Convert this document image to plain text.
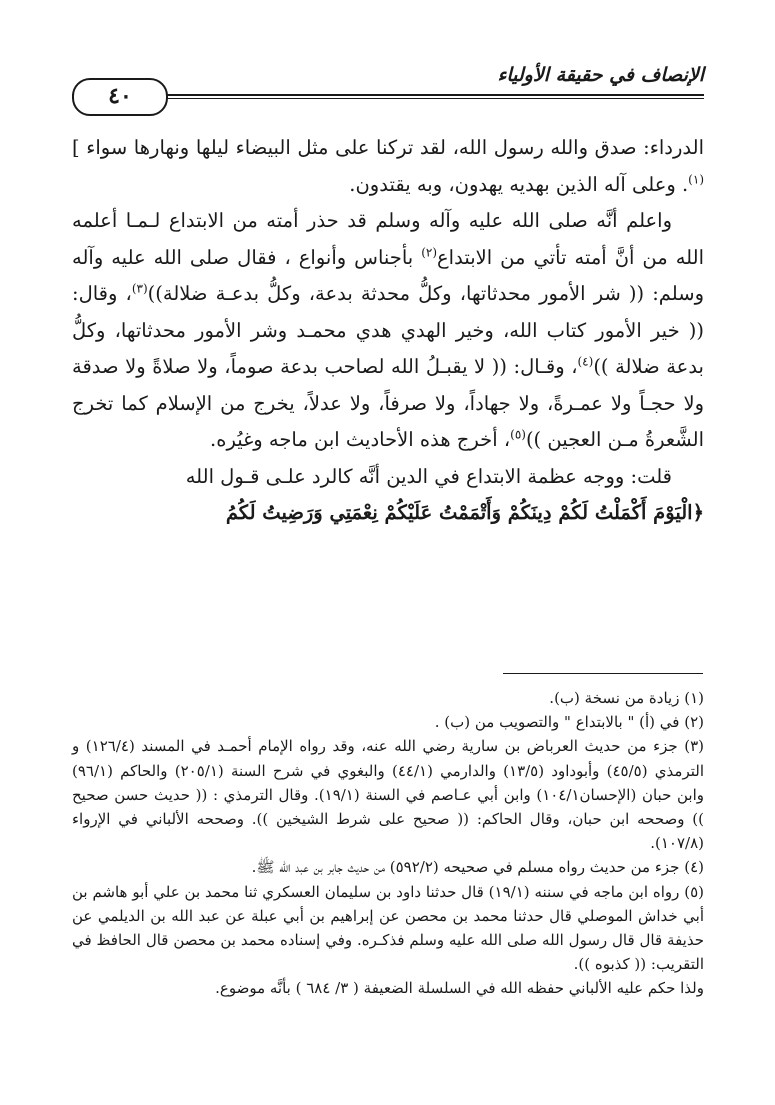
الإنصاف في حقيقة الأولياء
٤٠

الدرداء: صدق والله رسول الله، لقد تركنا على مثل البيضاء ليلها ونهارها سواء ] $^{(١)}$. وعلى آله الذين بهديه يهدون، وبه يقتدون.

واعلم أنَّه صلى الله عليه وآله وسلم قد حذر أمته من الابتداع لـمـا أعلمه الله من أنَّ أمته تأتي من الابتداع$^{(٢)}$ بأجناس وأنواع ، فقال صلى الله عليه وآله وسلم: (( شر الأمور محدثاتها، وكلُّ محدثة بدعة، وكلُّ بدعـة ضلالة))$^{(٣)}$، وقال: (( خير الأمور كتاب الله، وخير الهدي هدي محمـد وشر الأمور محدثاتها، وكلُّ بدعة ضلالة ))$^{(٤)}$، وقـال: (( لا يقبـلُ الله لصاحب بدعة صوماً، ولا صلاةً ولا صدقة ولا حجـاً ولا عمـرةً، ولا جهاداً، ولا صرفاً، ولا عدلاً، يخرج من الإسلام كما تخرج الشَّعرةُ مـن العجين ))$^{(٥)}$، أخرج هذه الأحاديث ابن ماجه وغيُره.

قلت: ووجه عظمة الابتداع في الدين أنَّه كالرد علـى قـول الله

﴿الْيَوْمَ أَكْمَلْتُ لَكُمْ دِينَكُمْ وَأَتْمَمْتُ عَلَيْكُمْ نِعْمَتِي وَرَضِيتُ لَكُمُ

(١) زيادة من نسخة (ب).

(٢) في (أ) " بالابتداع " والتصويب من (ب) .

(٣) جزء من حديث العرباض بن سارية رضي الله عنه، وقد رواه الإمام أحمـد في المسند (١٢٦/٤) و الترمذي (٤٥/٥) وأبوداود (١٣/٥) والدارمي (٤٤/١) والبغوي في شرح السنة (٢٠٥/١) والحاكم (٩٦/١) وابن حبان (الإحسان١٠٤/١) وابن أبي عـاصم في السنة (١٩/١). وقال الترمذي : (( حديث حسن صحيح )) وصححه ابن حبان، وقال الحاكم: (( صحيح على شرط الشيخين )). وصححه الألباني في الإرواء (١٠٧/٨).

(٤) جزء من حديث رواه مسلم في صحيحه (٥٩٢/٢) من حديث جابر بن عبد الله ﷺ.

(٥) رواه ابن ماجه في سننه (١٩/١) قال حدثنا داود بن سليمان العسكري ثنا محمد بن علي أبو هاشم بن أبي خداش الموصلي قال حدثنا محمد بن محصن عن إبراهيم بن أبي عبلة عن عبد الله بن الديلمي عن حذيفة قال قال رسول الله صلى الله عليه وسلم فذكـره. وفي إسناده محمد بن محصن قال الحافظ في التقريب: (( كذبوه )).

ولذا حكم عليه الألباني حفظه الله في السلسلة الضعيفة ( ٣/ ٦٨٤ ) بأنَّه موضوع.
